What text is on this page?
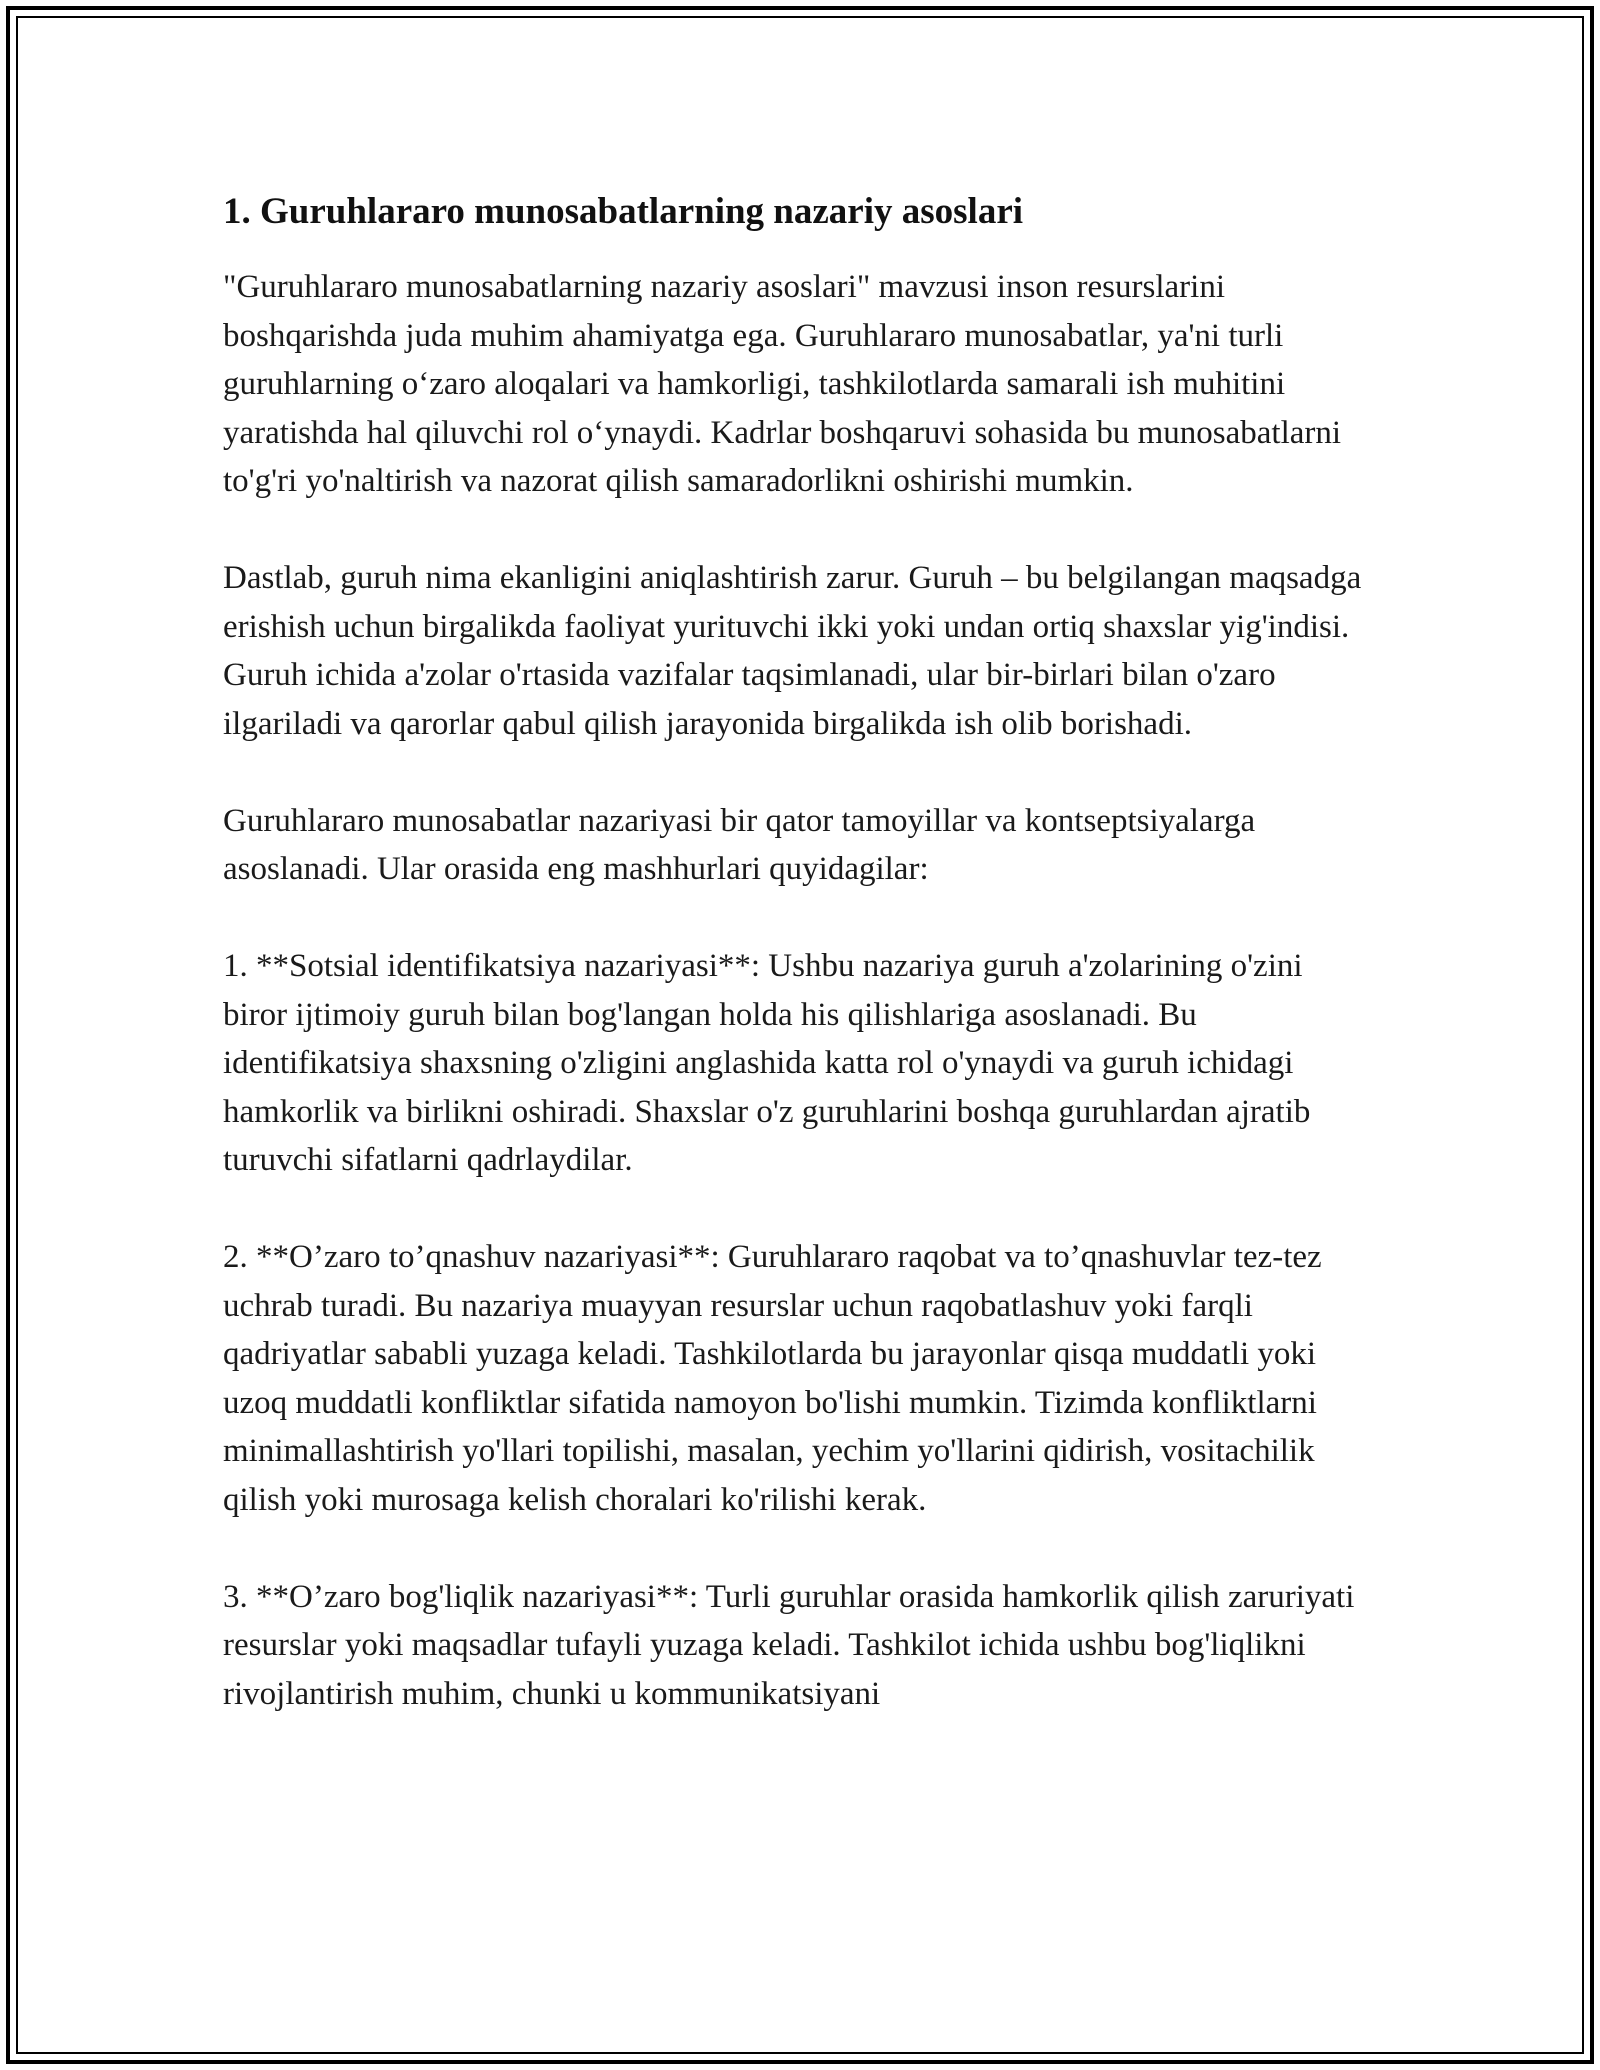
1. Guruhlararo munosabatlarning nazariy asoslari

"Guruhlararo munosabatlarning nazariy asoslari" mavzusi inson resurslarini boshqarishda juda muhim ahamiyatga ega. Guruhlararo munosabatlar, ya'ni turli guruhlarning o‘zaro aloqalari va hamkorligi, tashkilotlarda samarali ish muhitini yaratishda hal qiluvchi rol o‘ynaydi. Kadrlar boshqaruvi sohasida bu munosabatlarni to'g'ri yo'naltirish va nazorat qilish samaradorlikni oshirishi mumkin.

Dastlab, guruh nima ekanligini aniqlashtirish zarur. Guruh – bu belgilangan maqsadga erishish uchun birgalikda faoliyat yurituvchi ikki yoki undan ortiq shaxslar yig'indisi. Guruh ichida a'zolar o'rtasida vazifalar taqsimlanadi, ular bir-birlari bilan o'zaro ilgariladi va qarorlar qabul qilish jarayonida birgalikda ish olib borishadi.

Guruhlararo munosabatlar nazariyasi bir qator tamoyillar va kontseptsiyalarga asoslanadi. Ular orasida eng mashhurlari quyidagilar:

1. **Sotsial identifikatsiya nazariyasi**: Ushbu nazariya guruh a'zolarining o'zini biror ijtimoiy guruh bilan bog'langan holda his qilishlariga asoslanadi. Bu identifikatsiya shaxsning o'zligini anglashida katta rol o'ynaydi va guruh ichidagi hamkorlik va birlikni oshiradi. Shaxslar o'z guruhlarini boshqa guruhlardan ajratib turuvchi sifatlarni qadrlaydilar.

2. **O’zaro to’qnashuv nazariyasi**: Guruhlararo raqobat va to’qnashuvlar tez-tez uchrab turadi. Bu nazariya muayyan resurslar uchun raqobatlashuv yoki farqli qadriyatlar sababli yuzaga keladi. Tashkilotlarda bu jarayonlar qisqa muddatli yoki uzoq muddatli konfliktlar sifatida namoyon bo'lishi mumkin. Tizimda konfliktlarni minimallashtirish yo'llari topilishi, masalan, yechim yo'llarini qidirish, vositachilik qilish yoki murosaga kelish choralari ko'rilishi kerak.

3. **O’zaro bog'liqlik nazariyasi**: Turli guruhlar orasida hamkorlik qilish zaruriyati resurslar yoki maqsadlar tufayli yuzaga keladi. Tashkilot ichida ushbu bog'liqlikni rivojlantirish muhim, chunki u kommunikatsiyani
